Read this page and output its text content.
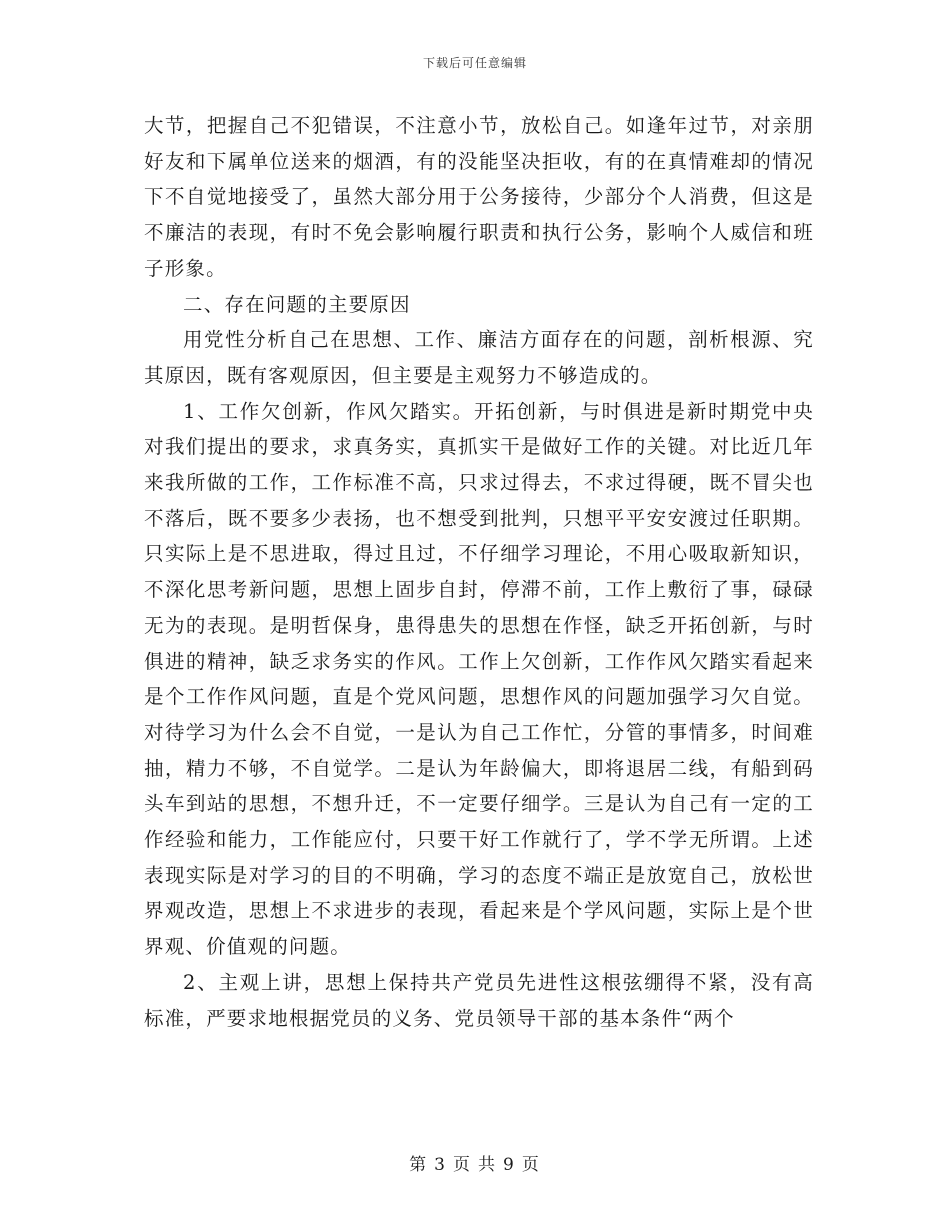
下载后可任意编辑

大节，把握自己不犯错误，不注意小节，放松自己。如逢年过节，对亲朋好友和下属单位送来的烟酒，有的没能坚决拒收，有的在真情难却的情况下不自觉地接受了，虽然大部分用于公务接待，少部分个人消费，但这是不廉洁的表现，有时不免会影响履行职责和执行公务，影响个人威信和班子形象。

二、存在问题的主要原因

用党性分析自己在思想、工作、廉洁方面存在的问题，剖析根源、究其原因，既有客观原因，但主要是主观努力不够造成的。

1、工作欠创新，作风欠踏实。开拓创新，与时俱进是新时期党中央对我们提出的要求，求真务实，真抓实干是做好工作的关键。对比近几年来我所做的工作，工作标准不高，只求过得去，不求过得硬，既不冒尖也不落后，既不要多少表扬，也不想受到批判，只想平平安安渡过任职期。只实际上是不思进取，得过且过，不仔细学习理论，不用心吸取新知识，不深化思考新问题，思想上固步自封，停滞不前，工作上敷衍了事，碌碌无为的表现。是明哲保身，患得患失的思想在作怪，缺乏开拓创新，与时俱进的精神，缺乏求务实的作风。工作上欠创新，工作作风欠踏实看起来是个工作作风问题，直是个党风问题，思想作风的问题加强学习欠自觉。对待学习为什么会不自觉，一是认为自己工作忙，分管的事情多，时间难抽，精力不够，不自觉学。二是认为年龄偏大，即将退居二线，有船到码头车到站的思想，不想升迁，不一定要仔细学。三是认为自己有一定的工作经验和能力，工作能应付，只要干好工作就行了，学不学无所谓。上述表现实际是对学习的目的不明确，学习的态度不端正是放宽自己，放松世界观改造，思想上不求进步的表现，看起来是个学风问题，实际上是个世界观、价值观的问题。

2、主观上讲，思想上保持共产党员先进性这根弦绷得不紧，没有高标准，严要求地根据党员的义务、党员领导干部的基本条件“两个

第 3 页 共 9 页
